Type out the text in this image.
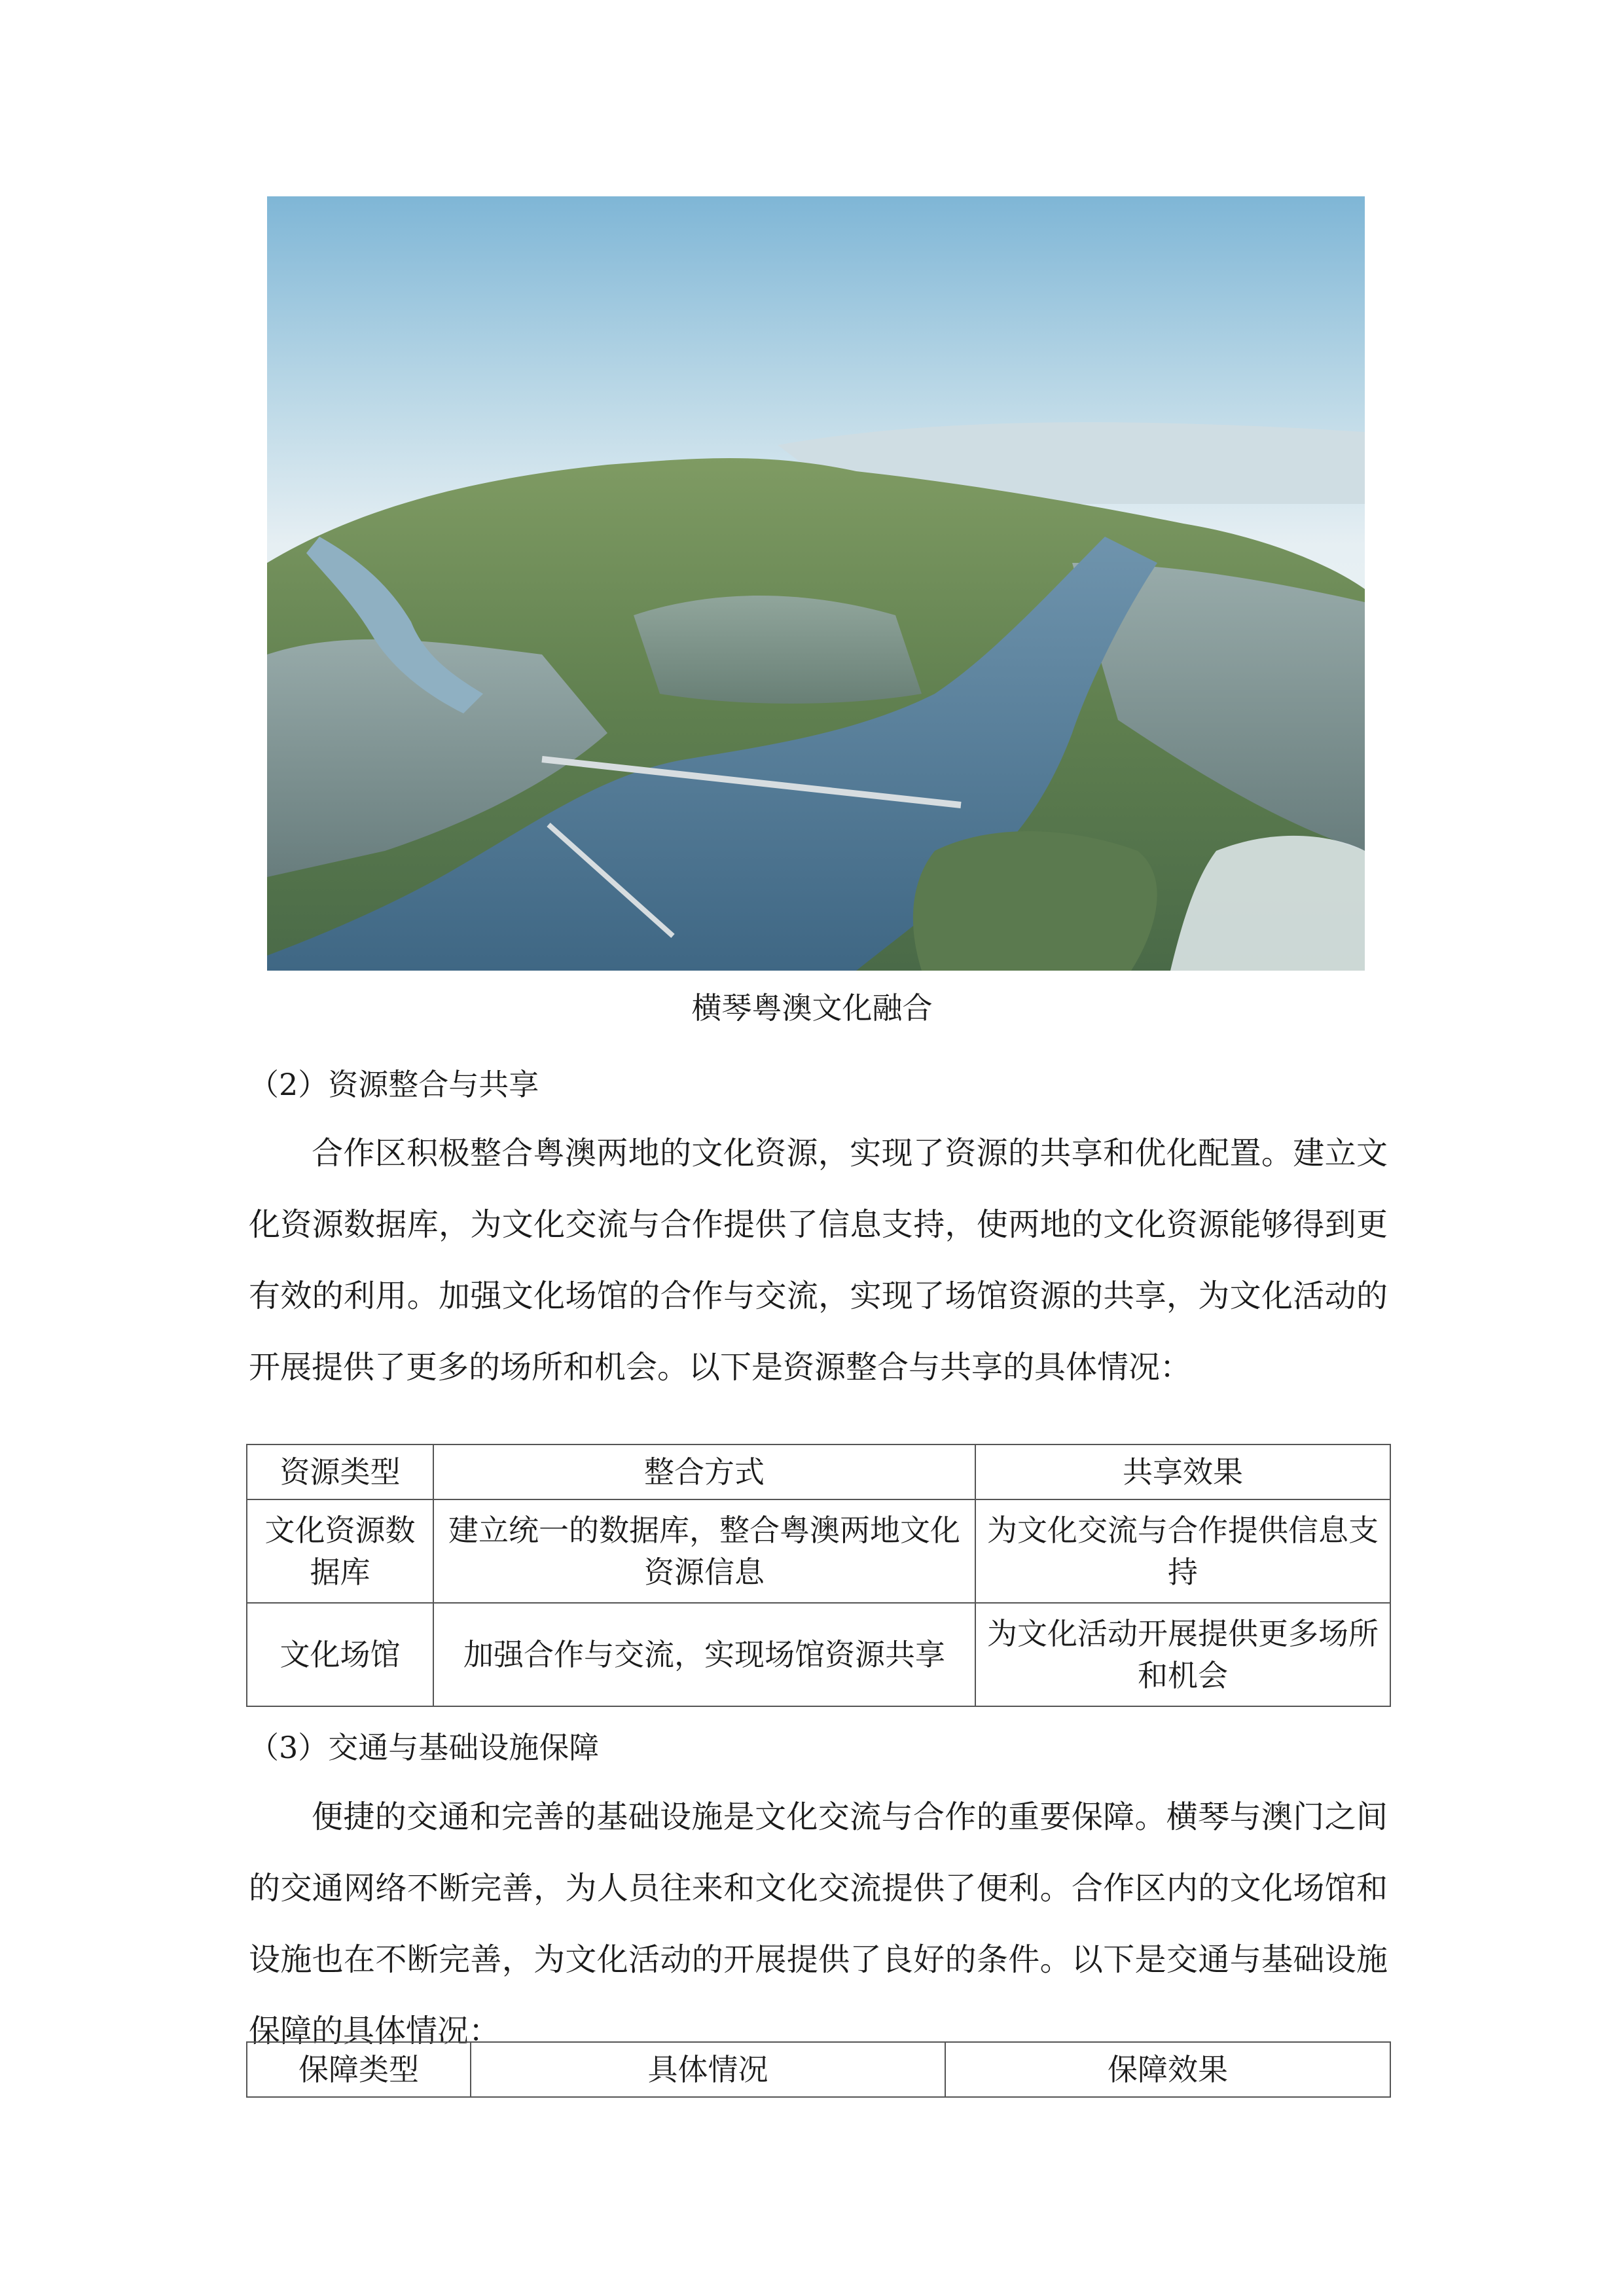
横琴粤澳文化融合
（2）资源整合与共享

合作区积极整合粤澳两地的文化资源，实现了资源的共享和优化配置。建立文化资源数据库，为文化交流与合作提供了信息支持，使两地的文化资源能够得到更有效的利用。加强文化场馆的合作与交流，实现了场馆资源的共享，为文化活动的开展提供了更多的场所和机会。以下是资源整合与共享的具体情况：

资源类型	整合方式	共享效果
文化资源数据库	建立统一的数据库，整合粤澳两地文化资源信息	为文化交流与合作提供信息支持
文化场馆	加强合作与交流，实现场馆资源共享	为文化活动开展提供更多场所和机会
（3）交通与基础设施保障

便捷的交通和完善的基础设施是文化交流与合作的重要保障。横琴与澳门之间的交通网络不断完善，为人员往来和文化交流提供了便利。合作区内的文化场馆和设施也在不断完善，为文化活动的开展提供了良好的条件。以下是交通与基础设施保障的具体情况：

保障类型	具体情况	保障效果
